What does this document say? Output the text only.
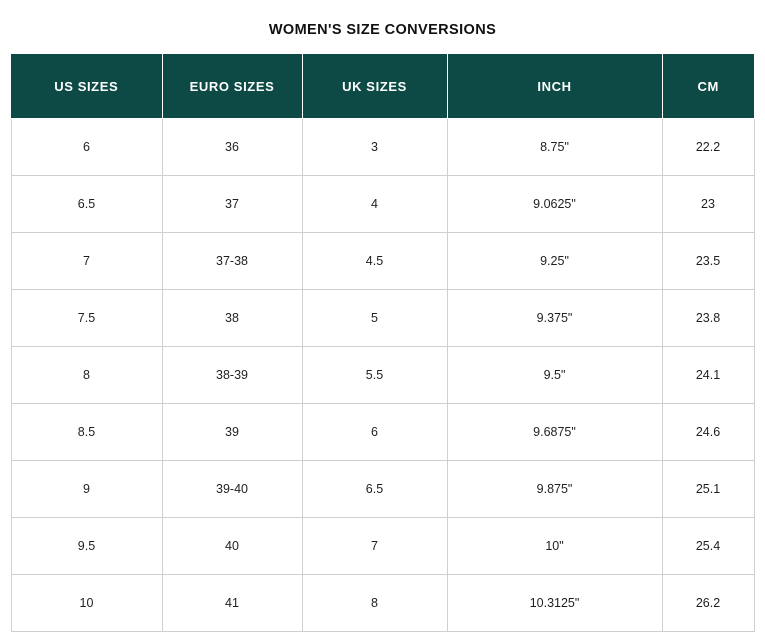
WOMEN'S SIZE CONVERSIONS
US SIZES	EURO SIZES	UK SIZES	INCH	CM
6	36	3	8.75"	22.2
6.5	37	4	9.0625"	23
7	37-38	4.5	9.25"	23.5
7.5	38	5	9.375"	23.8
8	38-39	5.5	9.5"	24.1
8.5	39	6	9.6875"	24.6
9	39-40	6.5	9.875"	25.1
9.5	40	7	10"	25.4
10	41	8	10.3125"	26.2
